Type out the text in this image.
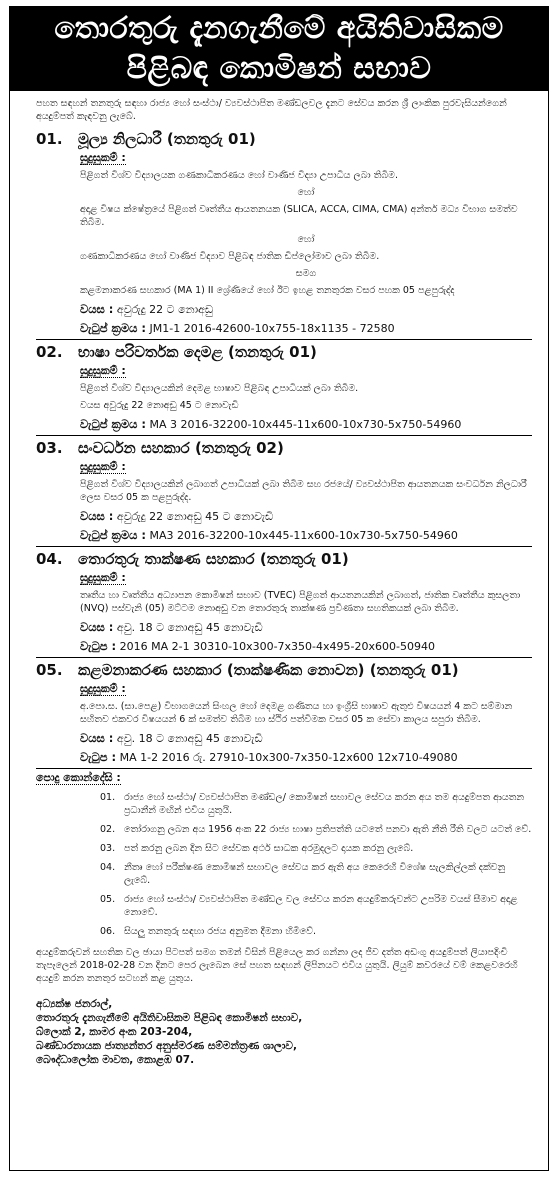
තොරතුරු දැනගැනීමේ අයිතිවාසිකම
පිළිබඳ කොමිෂන් සභාව
පහත සඳහන් තනතුරු සඳහා රාජ්‍ය හෝ සංස්ථා/ ව්‍යවස්ථාපිත මණ්ඩලවල දැනට සේවය කරන ශ්‍රී ලාංකික පුරවැසියන්ගෙන් අයදුම්පත් කැඳවනු ලැබේ.
01.	මූල්‍ය නිලධාරී (තනතුරු 01)
සුදුසුකම් :
පිළිගත් විශ්ව විද්‍යාලයක ගණකාධිකරණය හෝ වාණිජ විද්‍යා උපාධිය ලබා තිබීම.
හෝ
අදාළ විෂය ක්ෂේත්‍රයේ පිළිගත් වෘත්තීය ආයතනයක (SLICA, ACCA, CIMA, CMA) අන්තර් මධ්‍ය විභාග සමත්ව තිබීම.
හෝ
ගණකාධිකරණය හෝ වාණිජ විද්‍යාව පිළිබඳ ජාතික ඩිප්ලෝමාව ලබා තිබීම.
සමග
කළමනාකරණ සහකාර (MA 1) II ශ්‍රේණියේ හෝ ඊට ඉහළ තනතුරක වසර පහක 05 පළපුරුද්ද
වයස : අවුරුදු 22 ට නොඅඩු
වැටුප් ක්‍රමය : JM1-1 2016-42600-10x755-18x1135 - 72580
02.	භාෂා පරිවර්තක දෙමළ (තනතුරු 01)
සුදුසුකම් :
පිළිගත් විශ්ව විද්‍යාලයකින් දෙමළ භාෂාව පිළිබඳ උපාධියක් ලබා තිබීම.
වයස අවුරුදු 22 නොඅඩු 45 ට නොවැඩි
වැටුප් ක්‍රමය : MA 3 2016-32200-10x445-11x600-10x730-5x750-54960
03.	සංවර්ධන සහකාර (තනතුරු 02)
සුදුසුකම් :
පිළිගත් විශ්ව විද්‍යාලයකින් ලබාගත් උපාධියක් ලබා තිබීම සහ රජයේ/ ව්‍යවස්ථාපිත ආයතනයක සංවර්ධන නිලධාරී ලෙස වසර 05 ක පළපුරුද්ද.
වයස : අවුරුදු 22 නොඅඩු 45 ට නොවැඩි
වැටුප් ක්‍රමය : MA3 2016-32200-10x445-11x600-10x730-5x750-54960
04.	තොරතුරු තාක්ෂණ සහකාර (තනතුරු 01)
සුදුසුකම් :
තෘතීය හා වෘත්තීය අධ්‍යාපන කොමිෂන් සභාව (TVEC) පිළිගත් ආයතනයකින් ලබාගත්, ජාතික වෘත්තීය කුසලතා (NVQ) පස්වැනි (05) මට්ටම නොඅඩු වන තොරතුරු තාක්ෂණ ප්‍රවීණතා සහතිකයක් ලබා තිබීම.
වයස : අවු. 18 ට නොඅඩු 45 නොවැඩි
වැටුප : 2016 MA 2-1 30310-10x300-7x350-4x495-20x600-50940
05.	කළමනාකරණ සහකාර (තාක්ෂණික නොවන) (තනතුරු 01)
සුදුසුකම් :
අ.පො.ස. (සා.පෙළ) විභාගයෙන් සිංහල හෝ දෙමළ ගණිතය හා ඉංග්‍රීසි භාෂාව ඇතුළු විෂයයන් 4 කට සම්මාන සහිතව එකවර විෂයයන් 6 ක් සමත්ව තිබීම හා ස්ථිර පත්වීමක වසර 05 ක සේවා කාලය සපුරා තිබීම.
වයස : අවු. 18 ට නොඅඩු 45 නොවැඩි
වැටුප : MA 1-2 2016 රු. 27910-10x300-7x350-12x600 12x710-49080
පොදු කොන්දේසි :
01. රාජ්‍ය හෝ සංස්ථා/ ව්‍යවස්ථාපිත මණ්ඩල/ කොමිෂන් සභාවල සේවය කරන අය තම අයදුම්පත ආයතන ප්‍රධානීන් මඟින් එවිය යුතුයි.
02. තෝරාගනු ලබන අය 1956 අංක 22 රාජ්‍ය භාෂා ප්‍රතිපත්ති යටතේ පනවා ඇති නීති රීති වලට යටත් වේ.
03. පත් කරනු ලබන දින සිට සේවක අර්ථ සාධක අරමුදලට දායක කරනු ලැබේ.
04. නීතෘ හෝ පරීක්ෂණ කොමිෂන් සභාවල සේවය කර ඇති අය කෙරෙහි විශේෂ සැලකිල්ලක් දක්වනු ලැබේ.
05. රාජ්‍ය හෝ සංස්ථා/ ව්‍යවස්ථාපිත මණ්ඩල වල සේවය කරන අයදුම්කරුවන්ට උපරිම වයස් සීමාව අදාළ නොවේ.
06. සියලු තනතුරු සඳහා රජය අනුමත දීමනා හිමිවේ.
අයදුම්කරුවන් සහතික වල ඡායා පිටපත් සමග තමන් විසින් පිළියෙල කර ගන්නා ලද ජීව දත්ත අඩංගු අයදුම්පත් ලියාපදිංචි තැපෑලෙන් 2018-02-28 වන දිනට පෙර ලැබෙන සේ පහත සඳහන් ලිපිනයට එවිය යුතුයි. ලියුම් කවරයේ වම් කෙළවරෙහි අයදුම් කරන තනතුර සටහන් කළ යුතුය.
අධ්‍යක්ෂ ජනරාල්,
තොරතුරු දැනගැනීමේ අයිතිවාසිකම පිළිබඳ කොමිෂන් සභාව,
බ්ලොක් 2, කාමර අංක 203-204,
බණ්ඩාරනායක ජාත්‍යන්තර අනුස්මරණ සම්මන්ත්‍රණ ශාලාව,
බෞද්ධාලෝක මාවත, කොළඹ 07.
